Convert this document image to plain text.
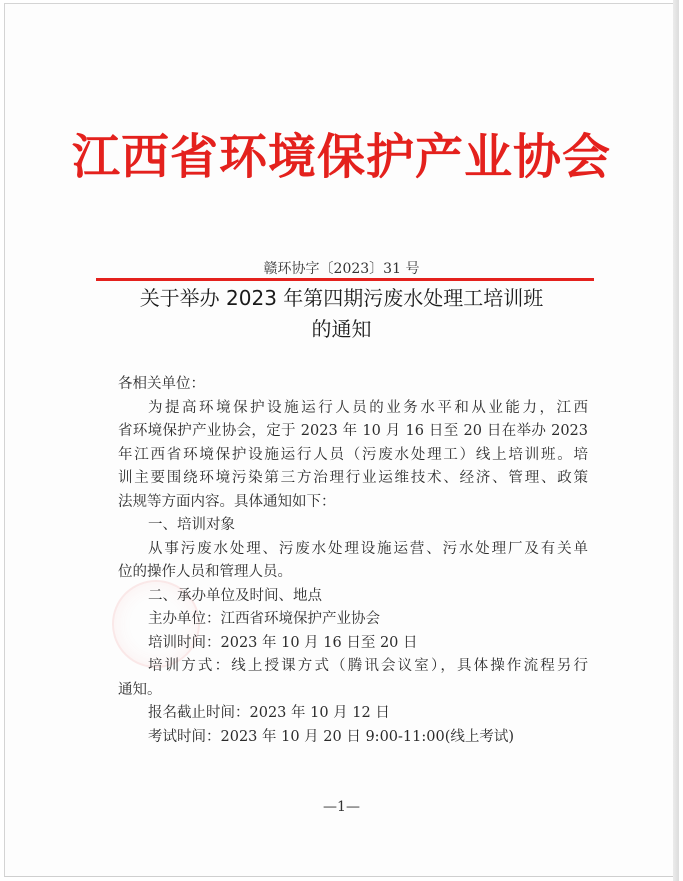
江西省环境保护产业协会
赣环协字〔2023〕31 号
关于举办 2023 年第四期污废水处理工培训班
的通知

各相关单位：

为提高环境保护设施运行人员的业务水平和从业能力，江西

省环境保护产业协会，定于 2023 年 10 月 16 日至 20 日在举办 2023

年江西省环境保护设施运行人员（污废水处理工）线上培训班。培

训主要围绕环境污染第三方治理行业运维技术、经济、管理、政策

法规等方面内容。具体通知如下：

一、培训对象

从事污废水处理、污废水处理设施运营、污水处理厂及有关单

位的操作人员和管理人员。

二、承办单位及时间、地点

主办单位：江西省环境保护产业协会

培训时间：2023 年 10 月 16 日至 20 日

培训方式：线上授课方式（腾讯会议室），具体操作流程另行

通知。

报名截止时间：2023 年 10 月 12 日

考试时间：2023 年 10 月 20 日 9:00-11:00(线上考试)

—1—
